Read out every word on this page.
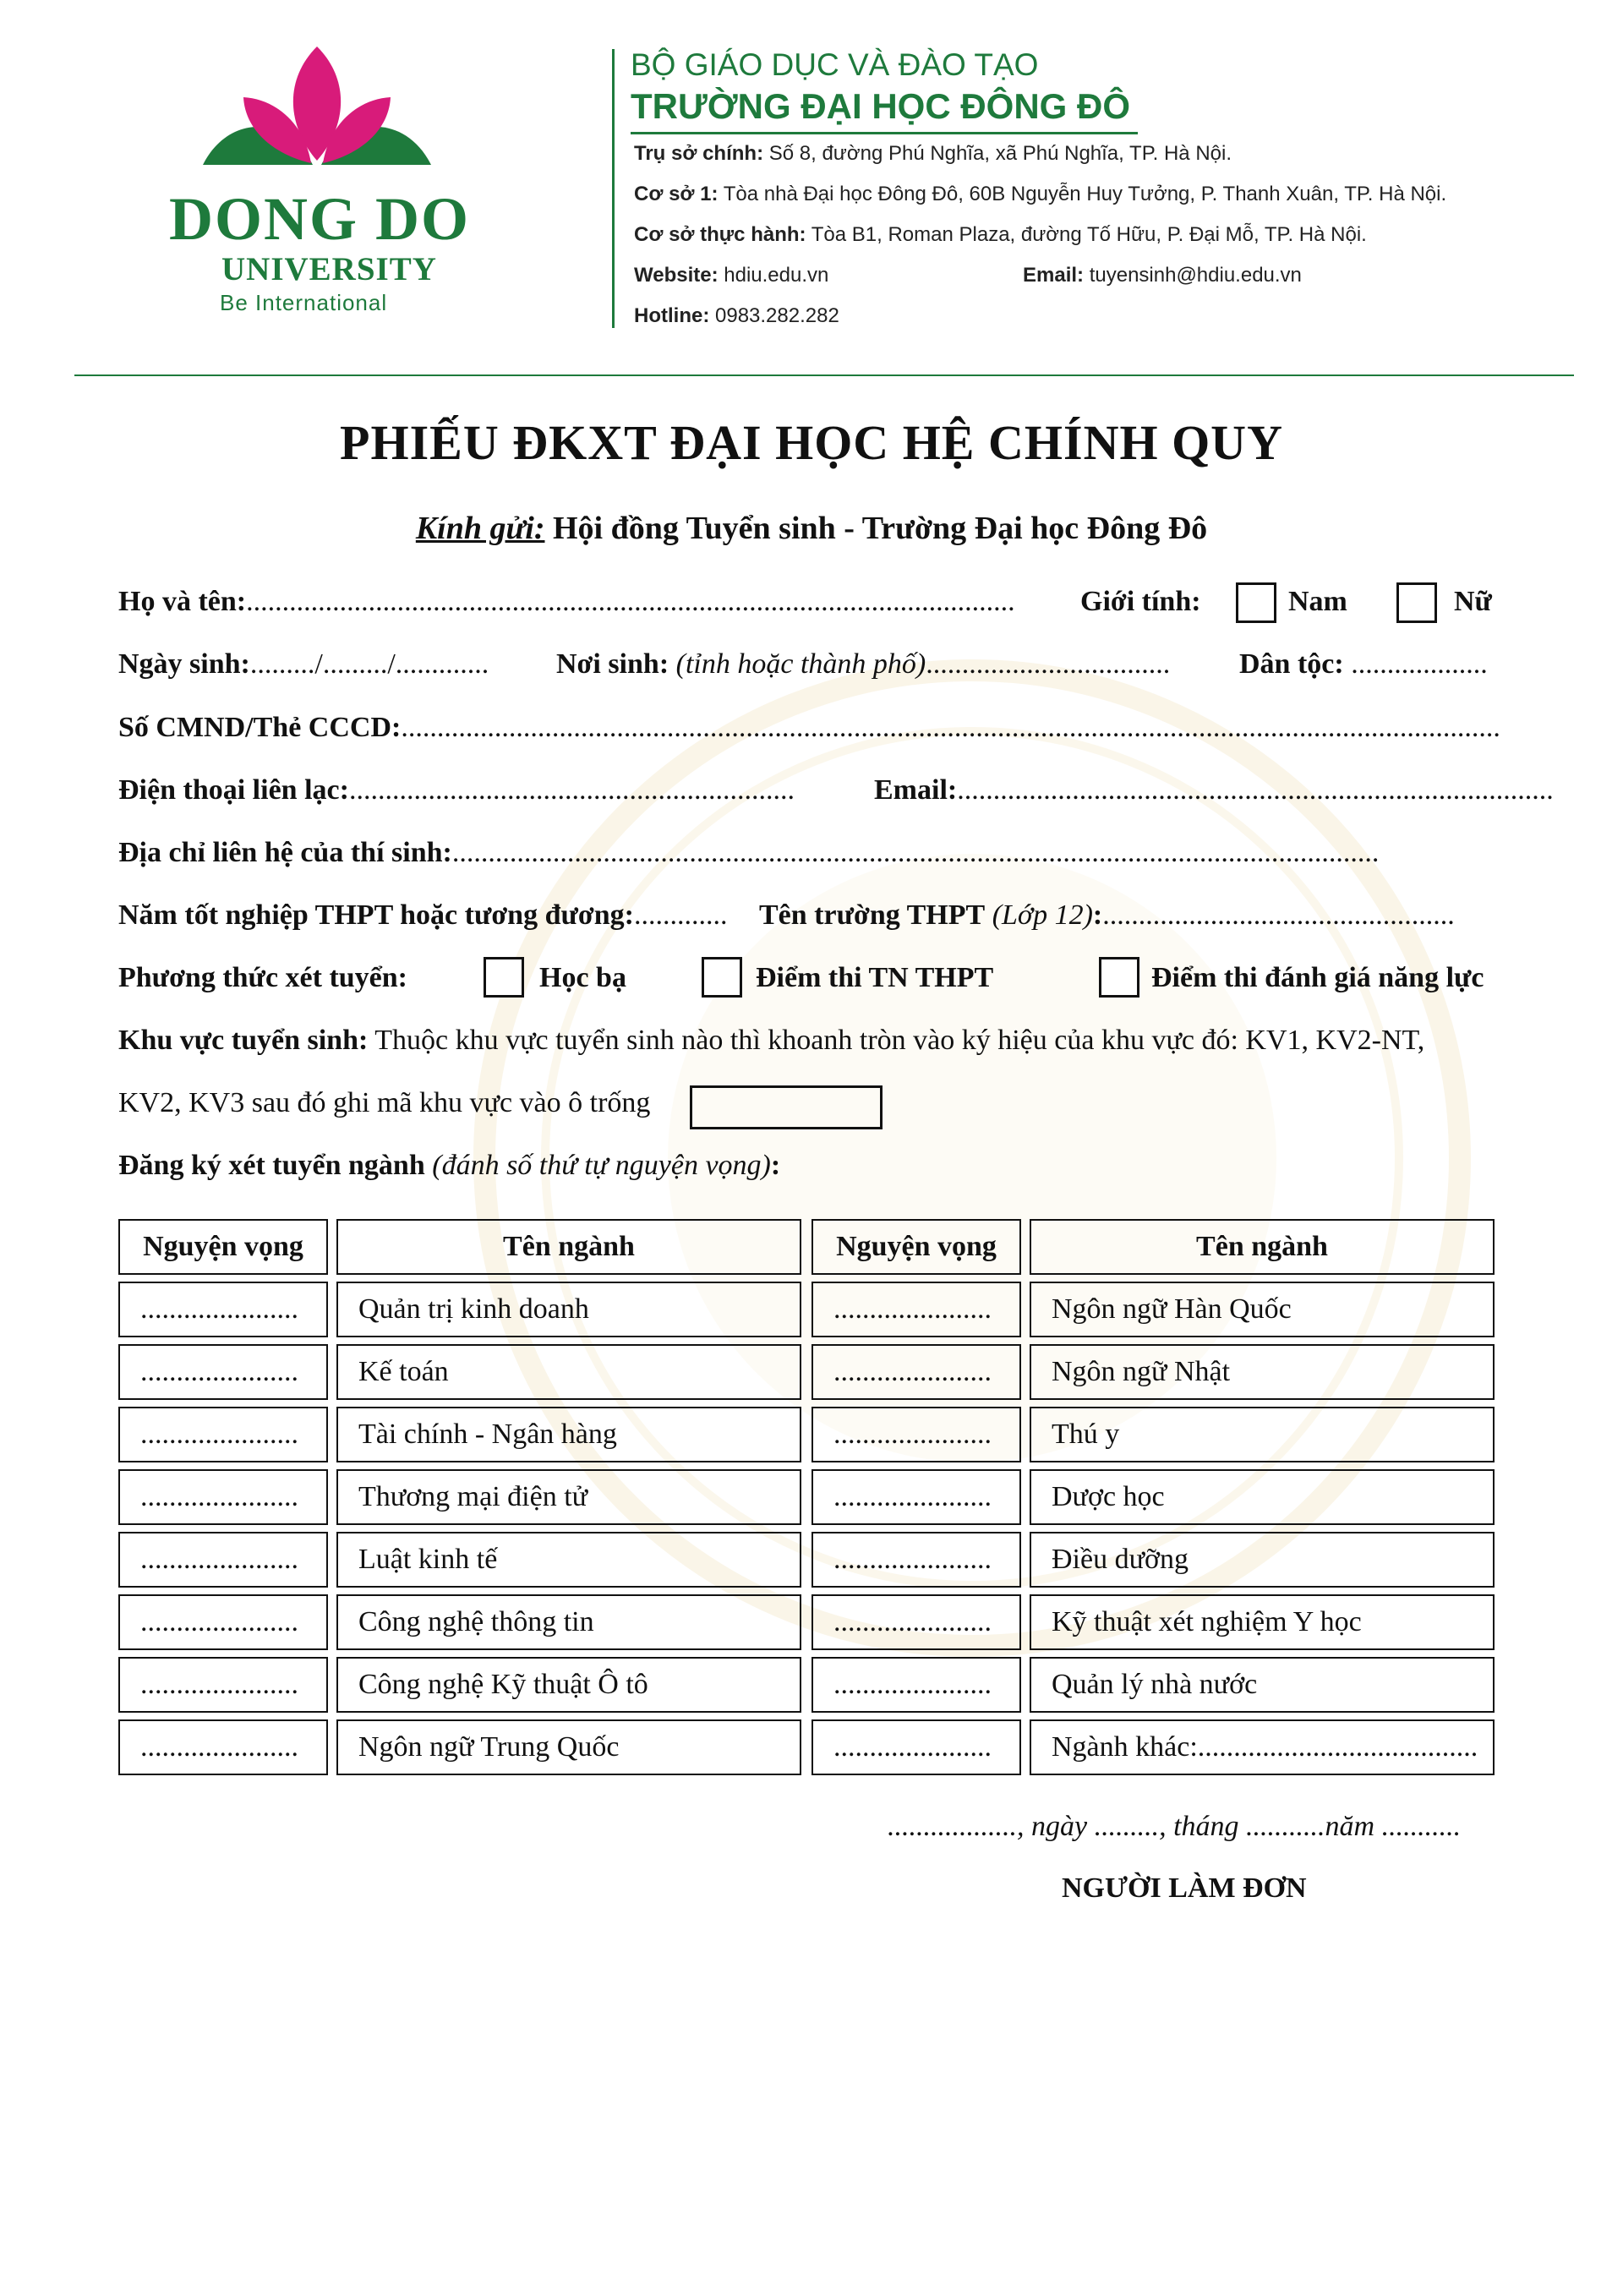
DONG DO
UNIVERSITY
Be International
BỘ GIÁO DỤC VÀ ĐÀO TẠO
TRƯỜNG ĐẠI HỌC ĐÔNG ĐÔ
Trụ sở chính: Số 8, đường Phú Nghĩa, xã Phú Nghĩa, TP. Hà Nội.
Cơ sở 1: Tòa nhà Đại học Đông Đô, 60B Nguyễn Huy Tưởng, P. Thanh Xuân, TP. Hà Nội.
Cơ sở thực hành: Tòa B1, Roman Plaza, đường Tố Hữu, P. Đại Mỗ, TP. Hà Nội.
Website: hdiu.edu.vn	Email: tuyensinh@hdiu.edu.vn
Hotline: 0983.282.282
PHIẾU ĐKXT ĐẠI HỌC HỆ CHÍNH QUY
Kính gửi: Hội đồng Tuyển sinh - Trường Đại học Đông Đô
Họ và tên:........................................................................................................... Giới tính:	Nam	Nữ
Ngày sinh:........./........./............. Nơi sinh: (tỉnh hoặc thành phố).................................. Dân tộc: ...................
Số CMND/Thẻ CCCD:.........................................................................................................................................................
Điện thoại liên lạc:..............................................................	Email:...................................................................................
Địa chỉ liên hệ của thí sinh:.................................................................................................................................
Năm tốt nghiệp THPT hoặc tương đương:............. Tên trường THPT (Lớp 12):.................................................
Phương thức xét tuyển:	Học bạ	Điểm thi TN THPT	Điểm thi đánh giá năng lực
Khu vực tuyển sinh: Thuộc khu vực tuyển sinh nào thì khoanh tròn vào ký hiệu của khu vực đó: KV1, KV2-NT,
KV2, KV3 sau đó ghi mã khu vực vào ô trống
Đăng ký xét tuyển ngành (đánh số thứ tự nguyện vọng):
Nguyện vọng	Tên ngành	Nguyện vọng	Tên ngành
......................	Quản trị kinh doanh	......................	Ngôn ngữ Hàn Quốc
......................	Kế toán	......................	Ngôn ngữ Nhật
......................	Tài chính - Ngân hàng	......................	Thú y
......................	Thương mại điện tử	......................	Dược học
......................	Luật kinh tế	......................	Điều dưỡng
......................	Công nghệ thông tin	......................	Kỹ thuật xét nghiệm Y học
......................	Công nghệ Kỹ thuật Ô tô	......................	Quản lý nhà nước
......................	Ngôn ngữ Trung Quốc	......................	Ngành khác:.......................................
.................., ngày ........., tháng ...........năm ...........
NGƯỜI LÀM ĐƠN
